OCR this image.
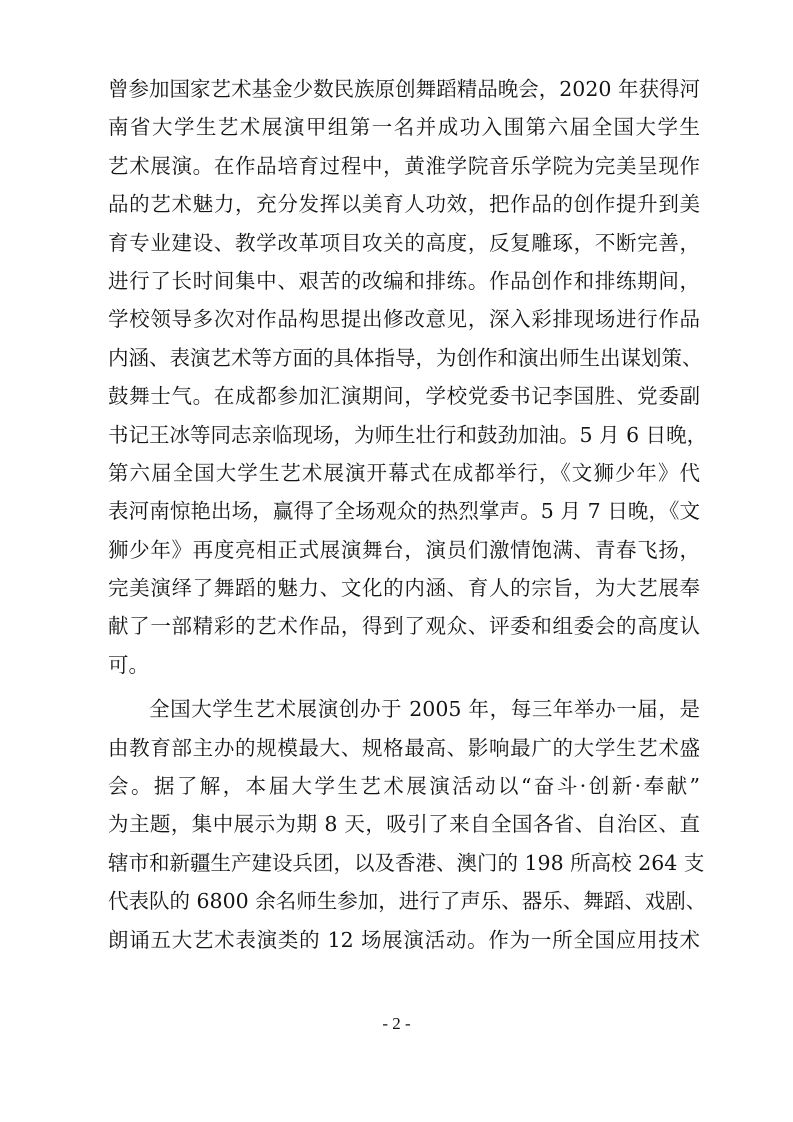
曾参加国家艺术基金少数民族原创舞蹈精品晚会，2020 年获得河
南省大学生艺术展演甲组第一名并成功入围第六届全国大学生
艺术展演。在作品培育过程中，黄淮学院音乐学院为完美呈现作
品的艺术魅力，充分发挥以美育人功效，把作品的创作提升到美
育专业建设、教学改革项目攻关的高度，反复雕琢，不断完善，
进行了长时间集中、艰苦的改编和排练。作品创作和排练期间，
学校领导多次对作品构思提出修改意见，深入彩排现场进行作品
内涵、表演艺术等方面的具体指导，为创作和演出师生出谋划策、
鼓舞士气。在成都参加汇演期间，学校党委书记李国胜、党委副
书记王冰等同志亲临现场，为师生壮行和鼓劲加油。5 月 6 日晚，
第六届全国大学生艺术展演开幕式在成都举行，《文狮少年》代
表河南惊艳出场，赢得了全场观众的热烈掌声。5 月 7 日晚，《文
狮少年》再度亮相正式展演舞台，演员们激情饱满、青春飞扬，
完美演绎了舞蹈的魅力、文化的内涵、育人的宗旨，为大艺展奉
献了一部精彩的艺术作品，得到了观众、评委和组委会的高度认
可。
全国大学生艺术展演创办于 2005 年，每三年举办一届，是
由教育部主办的规模最大、规格最高、影响最广的大学生艺术盛
会。据了解，本届大学生艺术展演活动以“奋斗·创新·奉献”
为主题，集中展示为期 8 天，吸引了来自全国各省、自治区、直
辖市和新疆生产建设兵团，以及香港、澳门的 198 所高校 264 支
代表队的 6800 余名师生参加，进行了声乐、器乐、舞蹈、戏剧、
朗诵五大艺术表演类的 12 场展演活动。作为一所全国应用技术
- 2 -
